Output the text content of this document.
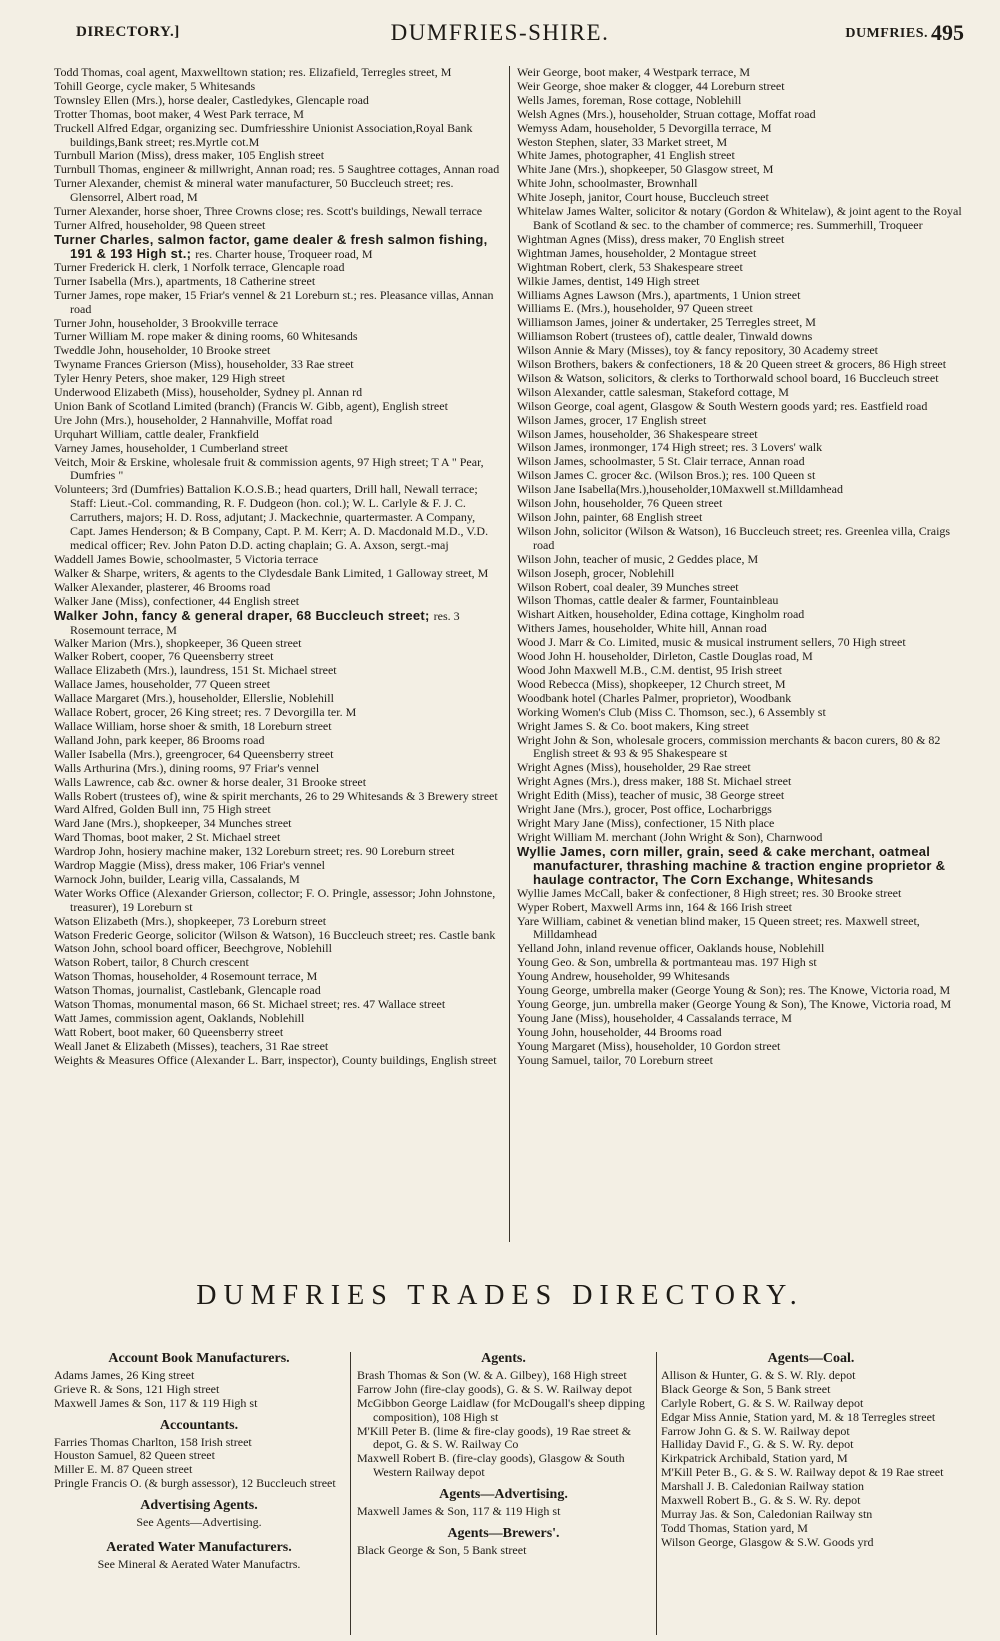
DIRECTORY.]	DUMFRIES-SHIRE.	DUMFRIES. 495

Todd Thomas, coal agent, Maxwelltown station; res. Elizafield, Terregles street, M

Tohill George, cycle maker, 5 Whitesands

Townsley Ellen (Mrs.), horse dealer, Castledykes, Glencaple road

Trotter Thomas, boot maker, 4 West Park terrace, M

Truckell Alfred Edgar, organizing sec. Dumfriesshire Unionist Association,Royal Bank buildings,Bank street; res.Myrtle cot.M

Turnbull Marion (Miss), dress maker, 105 English street

Turnbull Thomas, engineer & millwright, Annan road; res. 5 Saughtree cottages, Annan road

Turner Alexander, chemist & mineral water manufacturer, 50 Buccleuch street; res. Glensorrel, Albert road, M

Turner Alexander, horse shoer, Three Crowns close; res. Scott's buildings, Newall terrace

Turner Alfred, householder, 98 Queen street

Turner Charles, salmon factor, game dealer & fresh salmon fishing, 191 & 193 High st.; res. Charter house, Troqueer road, M

Turner Frederick H. clerk, 1 Norfolk terrace, Glencaple road

Turner Isabella (Mrs.), apartments, 18 Catherine street

Turner James, rope maker, 15 Friar's vennel & 21 Loreburn st.; res. Pleasance villas, Annan road

Turner John, householder, 3 Brookville terrace

Turner William M. rope maker & dining rooms, 60 Whitesands

Tweddle John, householder, 10 Brooke street

Twyname Frances Grierson (Miss), householder, 33 Rae street

Tyler Henry Peters, shoe maker, 129 High street

Underwood Elizabeth (Miss), householder, Sydney pl. Annan rd

Union Bank of Scotland Limited (branch) (Francis W. Gibb, agent), English street

Ure John (Mrs.), householder, 2 Hannahville, Moffat road

Urquhart William, cattle dealer, Frankfield

Varney James, householder, 1 Cumberland street

Veitch, Moir & Erskine, wholesale fruit & commission agents, 97 High street; T A " Pear, Dumfries "

Volunteers; 3rd (Dumfries) Battalion K.O.S.B.; head quarters, Drill hall, Newall terrace; Staff: Lieut.-Col. commanding, R. F. Dudgeon (hon. col.); W. L. Carlyle & F. J. C. Carruthers, majors; H. D. Ross, adjutant; J. Mackechnie, quartermaster. A Company, Capt. James Henderson; & B Company, Capt. P. M. Kerr; A. D. Macdonald M.D., V.D. medical officer; Rev. John Paton D.D. acting chaplain; G. A. Axson, sergt.-maj

Waddell James Bowie, schoolmaster, 5 Victoria terrace

Walker & Sharpe, writers, & agents to the Clydesdale Bank Limited, 1 Galloway street, M

Walker Alexander, plasterer, 46 Brooms road

Walker Jane (Miss), confectioner, 44 English street

Walker John, fancy & general draper, 68 Buccleuch street; res. 3 Rosemount terrace, M

Walker Marion (Mrs.), shopkeeper, 36 Queen street

Walker Robert, cooper, 76 Queensberry street

Wallace Elizabeth (Mrs.), laundress, 151 St. Michael street

Wallace James, householder, 77 Queen street

Wallace Margaret (Mrs.), householder, Ellerslie, Noblehill

Wallace Robert, grocer, 26 King street; res. 7 Devorgilla ter. M

Wallace William, horse shoer & smith, 18 Loreburn street

Walland John, park keeper, 86 Brooms road

Waller Isabella (Mrs.), greengrocer, 64 Queensberry street

Walls Arthurina (Mrs.), dining rooms, 97 Friar's vennel

Walls Lawrence, cab &c. owner & horse dealer, 31 Brooke street

Walls Robert (trustees of), wine & spirit merchants, 26 to 29 Whitesands & 3 Brewery street

Ward Alfred, Golden Bull inn, 75 High street

Ward Jane (Mrs.), shopkeeper, 34 Munches street

Ward Thomas, boot maker, 2 St. Michael street

Wardrop John, hosiery machine maker, 132 Loreburn street; res. 90 Loreburn street

Wardrop Maggie (Miss), dress maker, 106 Friar's vennel

Warnock John, builder, Learig villa, Cassalands, M

Water Works Office (Alexander Grierson, collector; F. O. Pringle, assessor; John Johnstone, treasurer), 19 Loreburn st

Watson Elizabeth (Mrs.), shopkeeper, 73 Loreburn street

Watson Frederic George, solicitor (Wilson & Watson), 16 Buccleuch street; res. Castle bank

Watson John, school board officer, Beechgrove, Noblehill

Watson Robert, tailor, 8 Church crescent

Watson Thomas, householder, 4 Rosemount terrace, M

Watson Thomas, journalist, Castlebank, Glencaple road

Watson Thomas, monumental mason, 66 St. Michael street; res. 47 Wallace street

Watt James, commission agent, Oaklands, Noblehill

Watt Robert, boot maker, 60 Queensberry street

Weall Janet & Elizabeth (Misses), teachers, 31 Rae street

Weights & Measures Office (Alexander L. Barr, inspector), County buildings, English street

Weir George, boot maker, 4 Westpark terrace, M

Weir George, shoe maker & clogger, 44 Loreburn street

Wells James, foreman, Rose cottage, Noblehill

Welsh Agnes (Mrs.), householder, Struan cottage, Moffat road

Wemyss Adam, householder, 5 Devorgilla terrace, M

Weston Stephen, slater, 33 Market street, M

White James, photographer, 41 English street

White Jane (Mrs.), shopkeeper, 50 Glasgow street, M

White John, schoolmaster, Brownhall

White Joseph, janitor, Court house, Buccleuch street

Whitelaw James Walter, solicitor & notary (Gordon & Whitelaw), & joint agent to the Royal Bank of Scotland & sec. to the chamber of commerce; res. Summerhill, Troqueer

Wightman Agnes (Miss), dress maker, 70 English street

Wightman James, householder, 2 Montague street

Wightman Robert, clerk, 53 Shakespeare street

Wilkie James, dentist, 149 High street

Williams Agnes Lawson (Mrs.), apartments, 1 Union street

Williams E. (Mrs.), householder, 97 Queen street

Williamson James, joiner & undertaker, 25 Terregles street, M

Williamson Robert (trustees of), cattle dealer, Tinwald downs

Wilson Annie & Mary (Misses), toy & fancy repository, 30 Academy street

Wilson Brothers, bakers & confectioners, 18 & 20 Queen street & grocers, 86 High street

Wilson & Watson, solicitors, & clerks to Torthorwald school board, 16 Buccleuch street

Wilson Alexander, cattle salesman, Stakeford cottage, M

Wilson George, coal agent, Glasgow & South Western goods yard; res. Eastfield road

Wilson James, grocer, 17 English street

Wilson James, householder, 36 Shakespeare street

Wilson James, ironmonger, 174 High street; res. 3 Lovers' walk

Wilson James, schoolmaster, 5 St. Clair terrace, Annan road

Wilson James C. grocer &c. (Wilson Bros.); res. 100 Queen st

Wilson Jane Isabella(Mrs.),householder,10Maxwell st.Milldamhead

Wilson John, householder, 76 Queen street

Wilson John, painter, 68 English street

Wilson John, solicitor (Wilson & Watson), 16 Buccleuch street; res. Greenlea villa, Craigs road

Wilson John, teacher of music, 2 Geddes place, M

Wilson Joseph, grocer, Noblehill

Wilson Robert, coal dealer, 39 Munches street

Wilson Thomas, cattle dealer & farmer, Fountainbleau

Wishart Aitken, householder, Edina cottage, Kingholm road

Withers James, householder, White hill, Annan road

Wood J. Marr & Co. Limited, music & musical instrument sellers, 70 High street

Wood John H. householder, Dirleton, Castle Douglas road, M

Wood John Maxwell M.B., C.M. dentist, 95 Irish street

Wood Rebecca (Miss), shopkeeper, 12 Church street, M

Woodbank hotel (Charles Palmer, proprietor), Woodbank

Working Women's Club (Miss C. Thomson, sec.), 6 Assembly st

Wright James S. & Co. boot makers, King street

Wright John & Son, wholesale grocers, commission merchants & bacon curers, 80 & 82 English street & 93 & 95 Shakespeare st

Wright Agnes (Miss), householder, 29 Rae street

Wright Agnes (Mrs.), dress maker, 188 St. Michael street

Wright Edith (Miss), teacher of music, 38 George street

Wright Jane (Mrs.), grocer, Post office, Locharbriggs

Wright Mary Jane (Miss), confectioner, 15 Nith place

Wright William M. merchant (John Wright & Son), Charnwood

Wyllie James, corn miller, grain, seed & cake merchant, oatmeal manufacturer, thrashing machine & traction engine proprietor & haulage contractor, The Corn Exchange, Whitesands

Wyllie James McCall, baker & confectioner, 8 High street; res. 30 Brooke street

Wyper Robert, Maxwell Arms inn, 164 & 166 Irish street

Yare William, cabinet & venetian blind maker, 15 Queen street; res. Maxwell street, Milldamhead

Yelland John, inland revenue officer, Oaklands house, Noblehill

Young Geo. & Son, umbrella & portmanteau mas. 197 High st

Young Andrew, householder, 99 Whitesands

Young George, umbrella maker (George Young & Son); res. The Knowe, Victoria road, M

Young George, jun. umbrella maker (George Young & Son), The Knowe, Victoria road, M

Young Jane (Miss), householder, 4 Cassalands terrace, M

Young John, householder, 44 Brooms road

Young Margaret (Miss), householder, 10 Gordon street

Young Samuel, tailor, 70 Loreburn street

DUMFRIES TRADES DIRECTORY.
Account Book Manufacturers.

Adams James, 26 King street

Grieve R. & Sons, 121 High street

Maxwell James & Son, 117 & 119 High st

Accountants.

Farries Thomas Charlton, 158 Irish street

Houston Samuel, 82 Queen street

Miller E. M. 87 Queen street

Pringle Francis O. (& burgh assessor), 12 Buccleuch street

Advertising Agents.
See Agents—Advertising.
Aerated Water Manufacturers.
See Mineral & Aerated Water Manufactrs.
Agents.

Brash Thomas & Son (W. & A. Gilbey), 168 High street

Farrow John (fire-clay goods), G. & S. W. Railway depot

McGibbon George Laidlaw (for McDougall's sheep dipping composition), 108 High st

M'Kill Peter B. (lime & fire-clay goods), 19 Rae street & depot, G. & S. W. Railway Co

Maxwell Robert B. (fire-clay goods), Glasgow & South Western Railway depot

Agents—Advertising.

Maxwell James & Son, 117 & 119 High st

Agents—Brewers'.

Black George & Son, 5 Bank street

Agents—Coal.

Allison & Hunter, G. & S. W. Rly. depot

Black George & Son, 5 Bank street

Carlyle Robert, G. & S. W. Railway depot

Edgar Miss Annie, Station yard, M. & 18 Terregles street

Farrow John G. & S. W. Railway depot

Halliday David F., G. & S. W. Ry. depot

Kirkpatrick Archibald, Station yard, M

M'Kill Peter B., G. & S. W. Railway depot & 19 Rae street

Marshall J. B. Caledonian Railway station

Maxwell Robert B., G. & S. W. Ry. depot

Murray Jas. & Son, Caledonian Railway stn

Todd Thomas, Station yard, M

Wilson George, Glasgow & S.W. Goods yrd
